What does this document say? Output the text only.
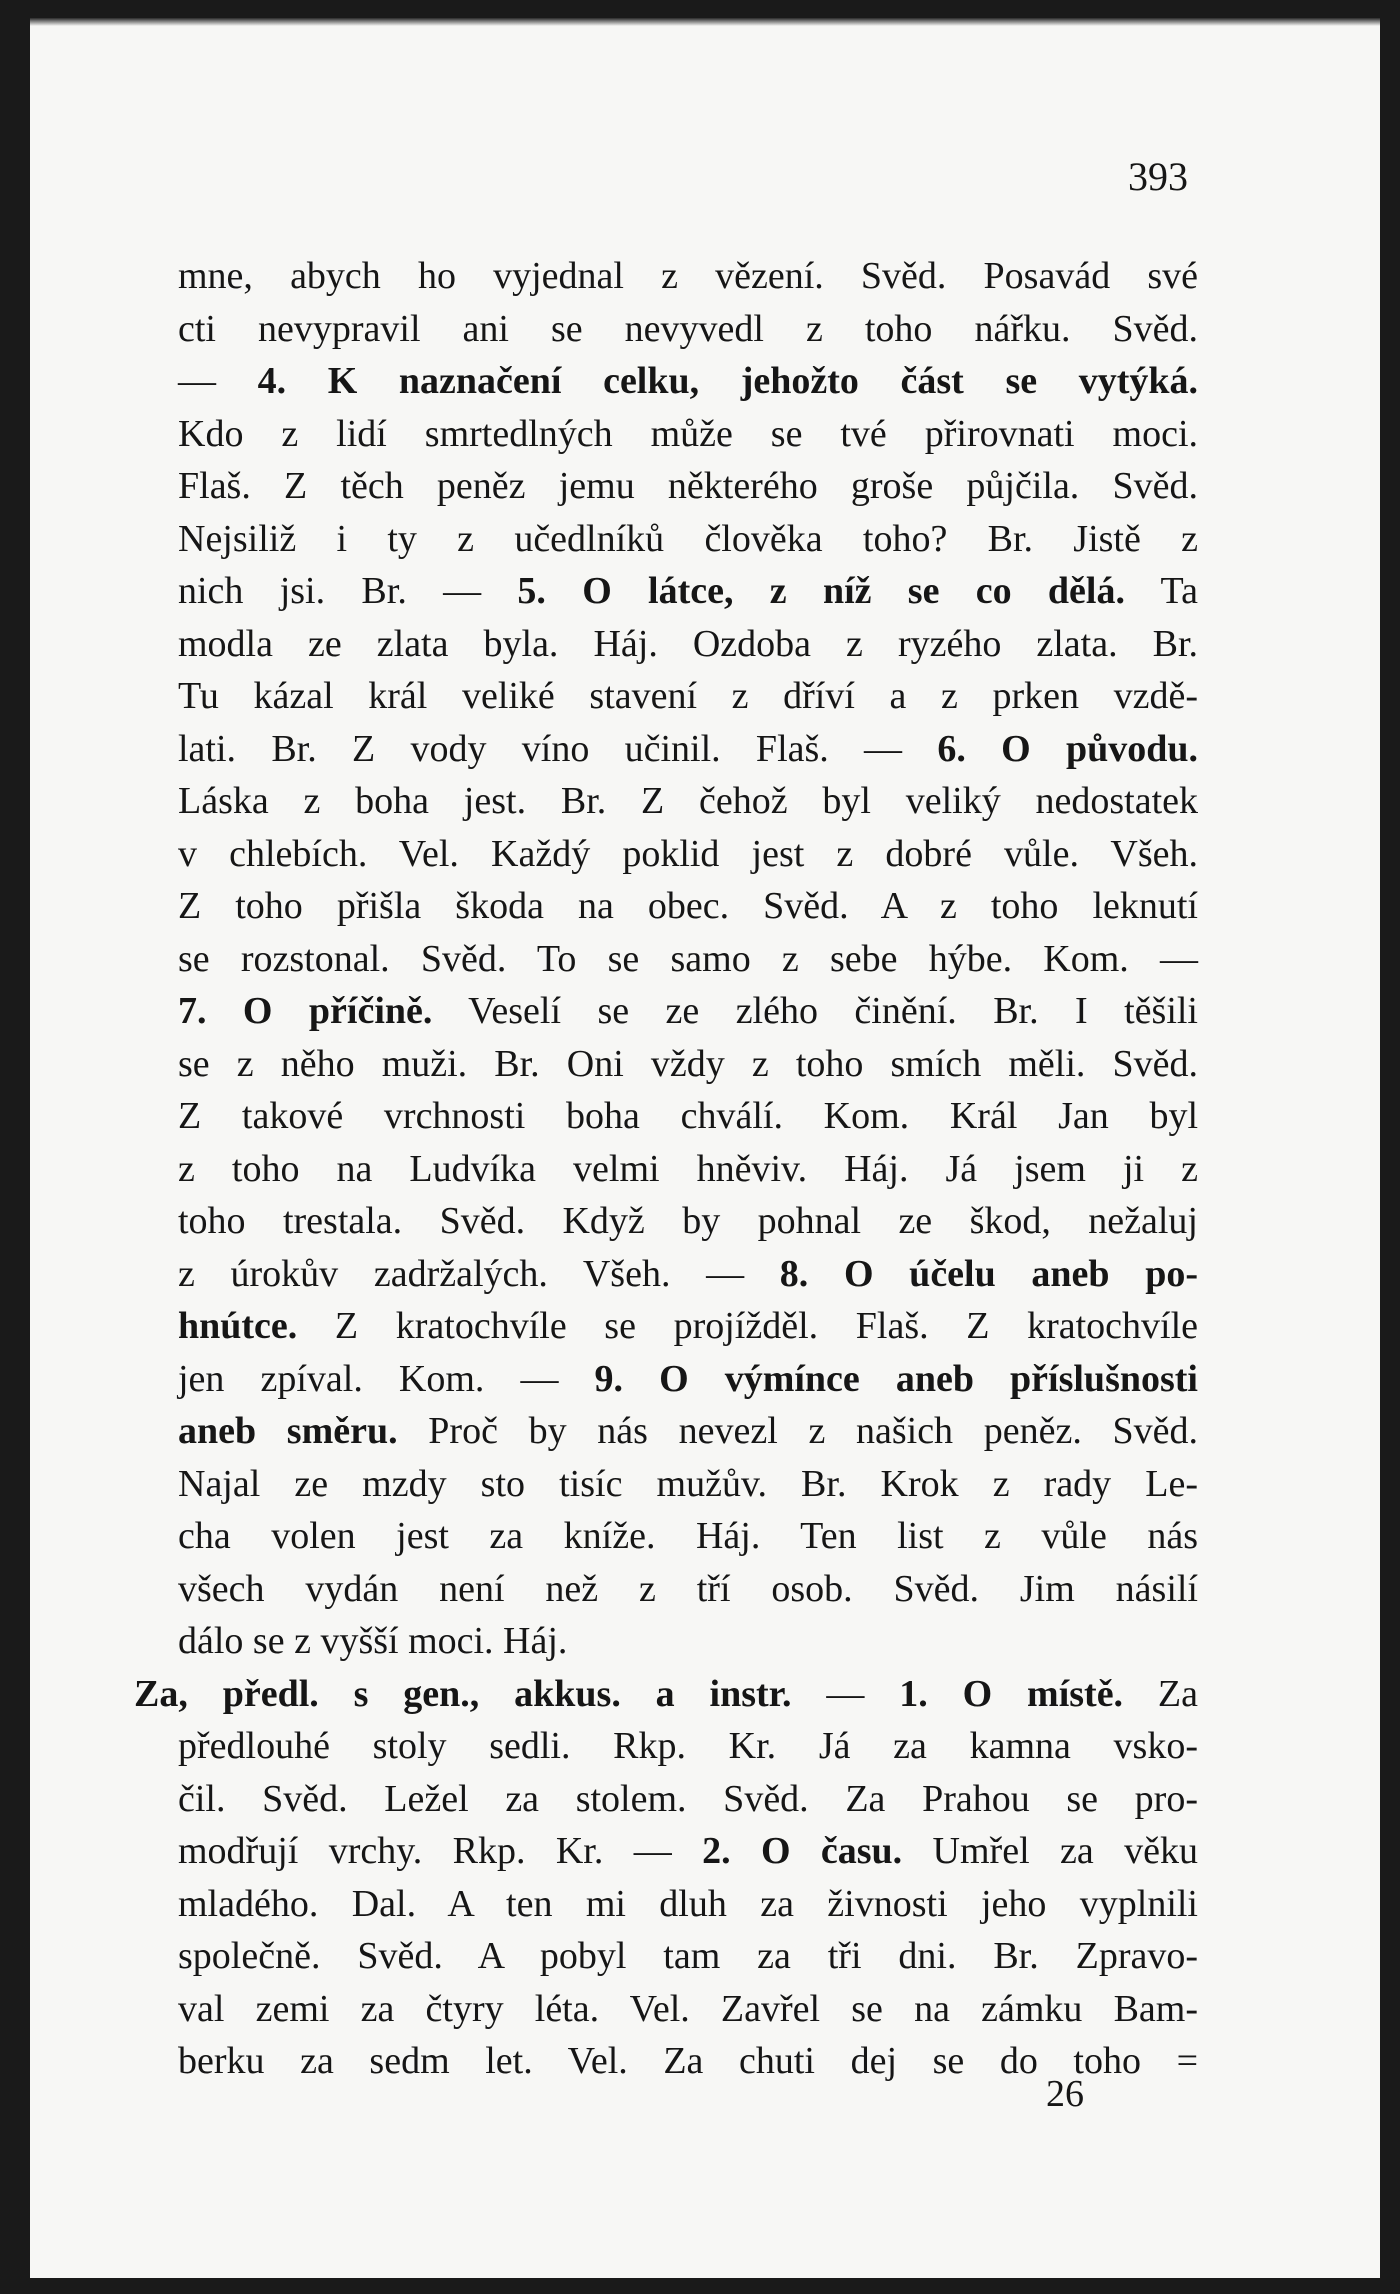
393
mne, abych ho vyjednal z vězení. Svěd. Posavád své
cti nevypravil ani se nevyvedl z toho nářku. Svěd.
— 4. K naznačení celku, jehožto část se vytýká.
Kdo z lidí smrtedlných může se tvé přirovnati moci.
Flaš. Z těch peněz jemu některého groše půjčila. Svěd.
Nejsiliž i ty z učedlníků člověka toho? Br. Jistě z
nich jsi. Br. — 5. O látce, z níž se co dělá. Ta
modla ze zlata byla. Háj. Ozdoba z ryzého zlata. Br.
Tu kázal král veliké stavení z dříví a z prken vzdě-
lati. Br. Z vody víno učinil. Flaš. — 6. O původu.
Láska z boha jest. Br. Z čehož byl veliký nedostatek
v chlebích. Vel. Každý poklid jest z dobré vůle. Všeh.
Z toho přišla škoda na obec. Svěd. A z toho leknutí
se rozstonal. Svěd. To se samo z sebe hýbe. Kom. —
7. O příčině. Veselí se ze zlého činění. Br. I těšili
se z něho muži. Br. Oni vždy z toho smích měli. Svěd.
Z takové vrchnosti boha chválí. Kom. Král Jan byl
z toho na Ludvíka velmi hněviv. Háj. Já jsem ji z
toho trestala. Svěd. Když by pohnal ze škod, nežaluj
z úrokův zadržalých. Všeh. — 8. O účelu aneb po-
hnútce. Z kratochvíle se projížděl. Flaš. Z kratochvíle
jen zpíval. Kom. — 9. O výmínce aneb příslušnosti
aneb směru. Proč by nás nevezl z našich peněz. Svěd.
Najal ze mzdy sto tisíc mužův. Br. Krok z rady Le-
cha volen jest za kníže. Háj. Ten list z vůle nás
všech vydán není než z tří osob. Svěd. Jim násilí
dálo se z vyšší moci. Háj.
Za, předl. s gen., akkus. a instr. — 1. O místě. Za
předlouhé stoly sedli. Rkp. Kr. Já za kamna vsko-
čil. Svěd. Ležel za stolem. Svěd. Za Prahou se pro-
modřují vrchy. Rkp. Kr. — 2. O času. Umřel za věku
mladého. Dal. A ten mi dluh za živnosti jeho vyplnili
společně. Svěd. A pobyl tam za tři dni. Br. Zpravo-
val zemi za čtyry léta. Vel. Zavřel se na zámku Bam-
berku za sedm let. Vel. Za chuti dej se do toho =
26
